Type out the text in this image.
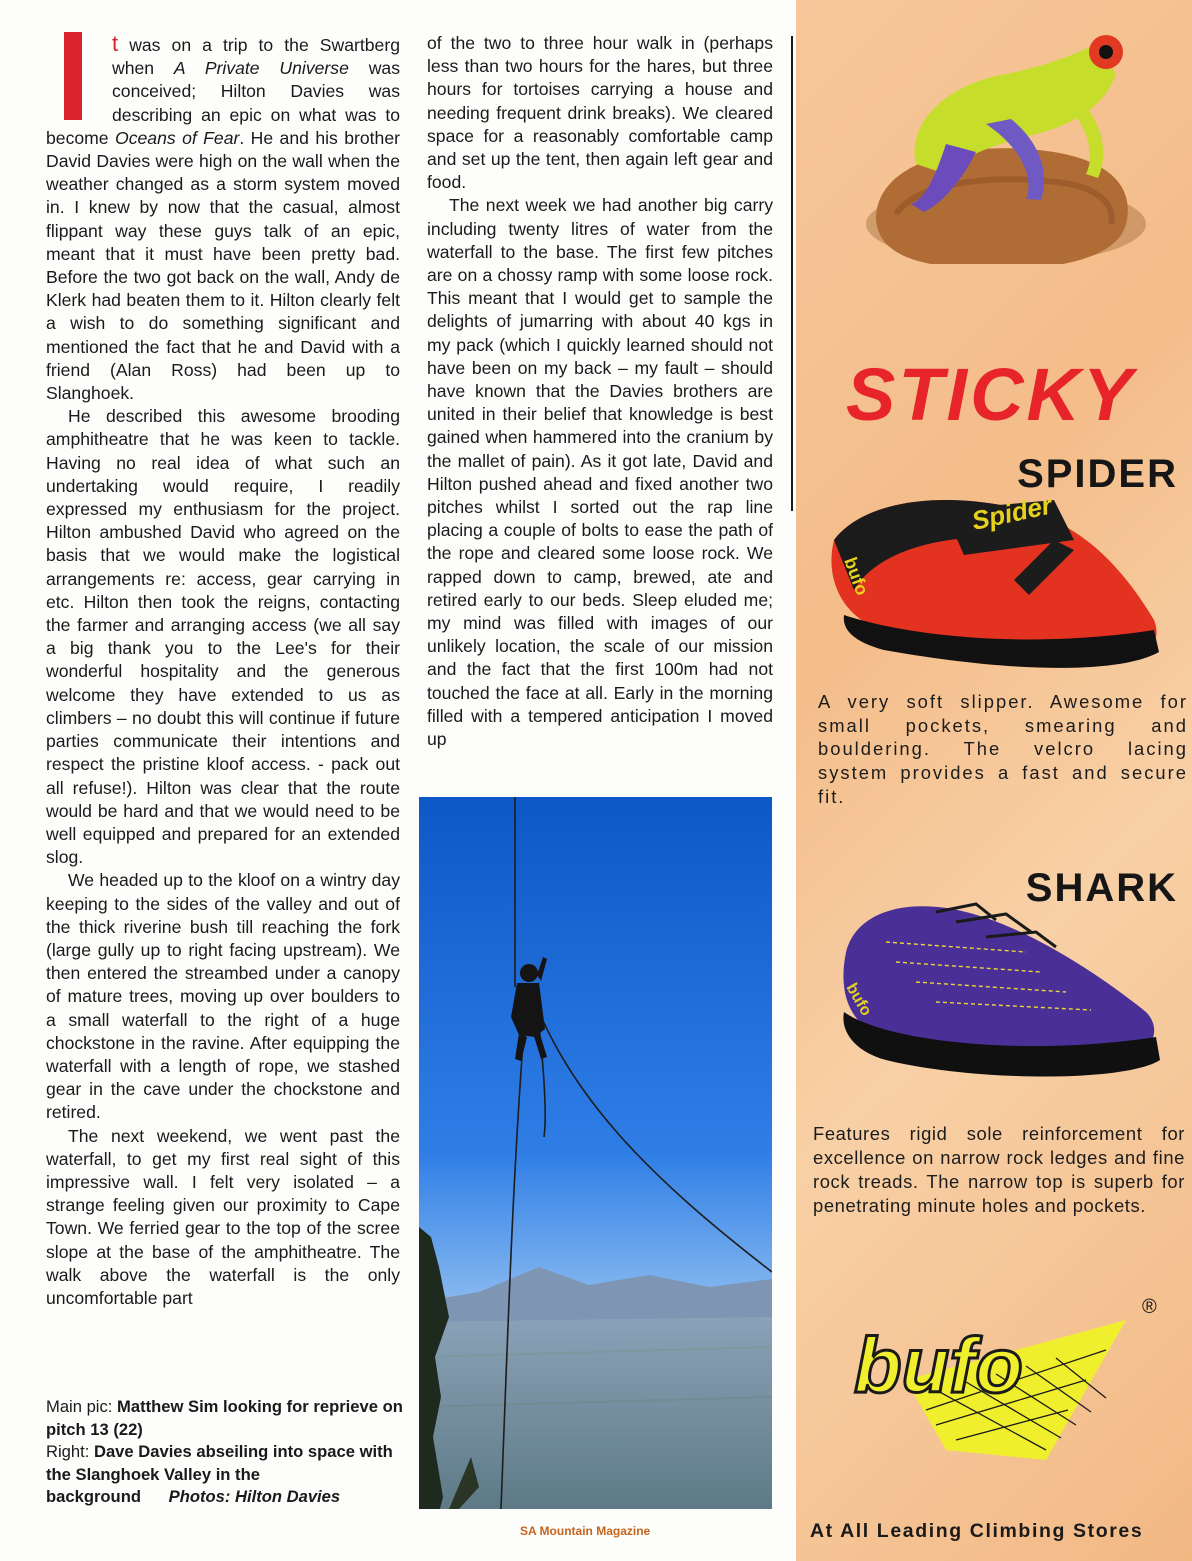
t was on a trip to the Swartberg when A Private Universe was conceived; Hilton Davies was describing an epic on what was to become Oceans of Fear. He and his brother David Davies were high on the wall when the weather changed as a storm system moved in. I knew by now that the casual, almost flippant way these guys talk of an epic, meant that it must have been pretty bad. Before the two got back on the wall, Andy de Klerk had beaten them to it. Hilton clearly felt a wish to do something significant and mentioned the fact that he and David with a friend (Alan Ross) had been up to Slanghoek.

He described this awesome brooding amphitheatre that he was keen to tackle. Having no real idea of what such an undertaking would require, I readily expressed my enthusiasm for the project. Hilton ambushed David who agreed on the basis that we would make the logistical arrangements re: access, gear carrying in etc. Hilton then took the reigns, contacting the farmer and arranging access (we all say a big thank you to the Lee's for their wonderful hospitality and the generous welcome they have extended to us as climbers – no doubt this will continue if future parties communicate their intentions and respect the pristine kloof access. - pack out all refuse!). Hilton was clear that the route would be hard and that we would need to be well equipped and prepared for an extended slog.

We headed up to the kloof on a wintry day keeping to the sides of the valley and out of the thick riverine bush till reaching the fork (large gully up to right facing upstream). We then entered the streambed under a canopy of mature trees, moving up over boulders to a small waterfall to the right of a huge chockstone in the ravine. After equipping the waterfall with a length of rope, we stashed gear in the cave under the chockstone and retired.

The next weekend, we went past the waterfall, to get my first real sight of this impressive wall. I felt very isolated – a strange feeling given our proximity to Cape Town. We ferried gear to the top of the scree slope at the base of the amphitheatre. The walk above the waterfall is the only uncomfortable part

Main pic: Matthew Sim looking for reprieve on pitch 13 (22)
Right: Dave Davies abseiling into space with the Slanghoek Valley in the background Photos: Hilton Davies

of the two to three hour walk in (perhaps less than two hours for the hares, but three hours for tortoises carrying a house and needing frequent drink breaks). We cleared space for a reasonably comfortable camp and set up the tent, then again left gear and food.

The next week we had another big carry including twenty litres of water from the waterfall to the base. The first few pitches are on a chossy ramp with some loose rock. This meant that I would get to sample the delights of jumarring with about 40 kgs in my pack (which I quickly learned should not have been on my back – my fault – should have known that the Davies brothers are united in their belief that knowledge is best gained when hammered into the cranium by the mallet of pain). As it got late, David and Hilton pushed ahead and fixed another two pitches whilst I sorted out the rap line placing a couple of bolts to ease the path of the rope and cleared some loose rock. We rapped down to camp, brewed, ate and retired early to our beds. Sleep eluded me; my mind was filled with images of our unlikely location, the scale of our mission and the fact that the first 100m had not touched the face at all. Early in the morning filled with a tempered anticipation I moved up

SA Mountain Magazine
STICKY
SPIDER
Spider
bufo
A very soft slipper. Awesome for small pockets, smearing and bouldering. The velcro lacing system provides a fast and secure fit.
SHARK
bufo
Features rigid sole reinforcement for excellence on narrow rock ledges and fine rock treads. The narrow top is superb for penetrating minute holes and pockets.
bufo
®
At All Leading Climbing Stores
